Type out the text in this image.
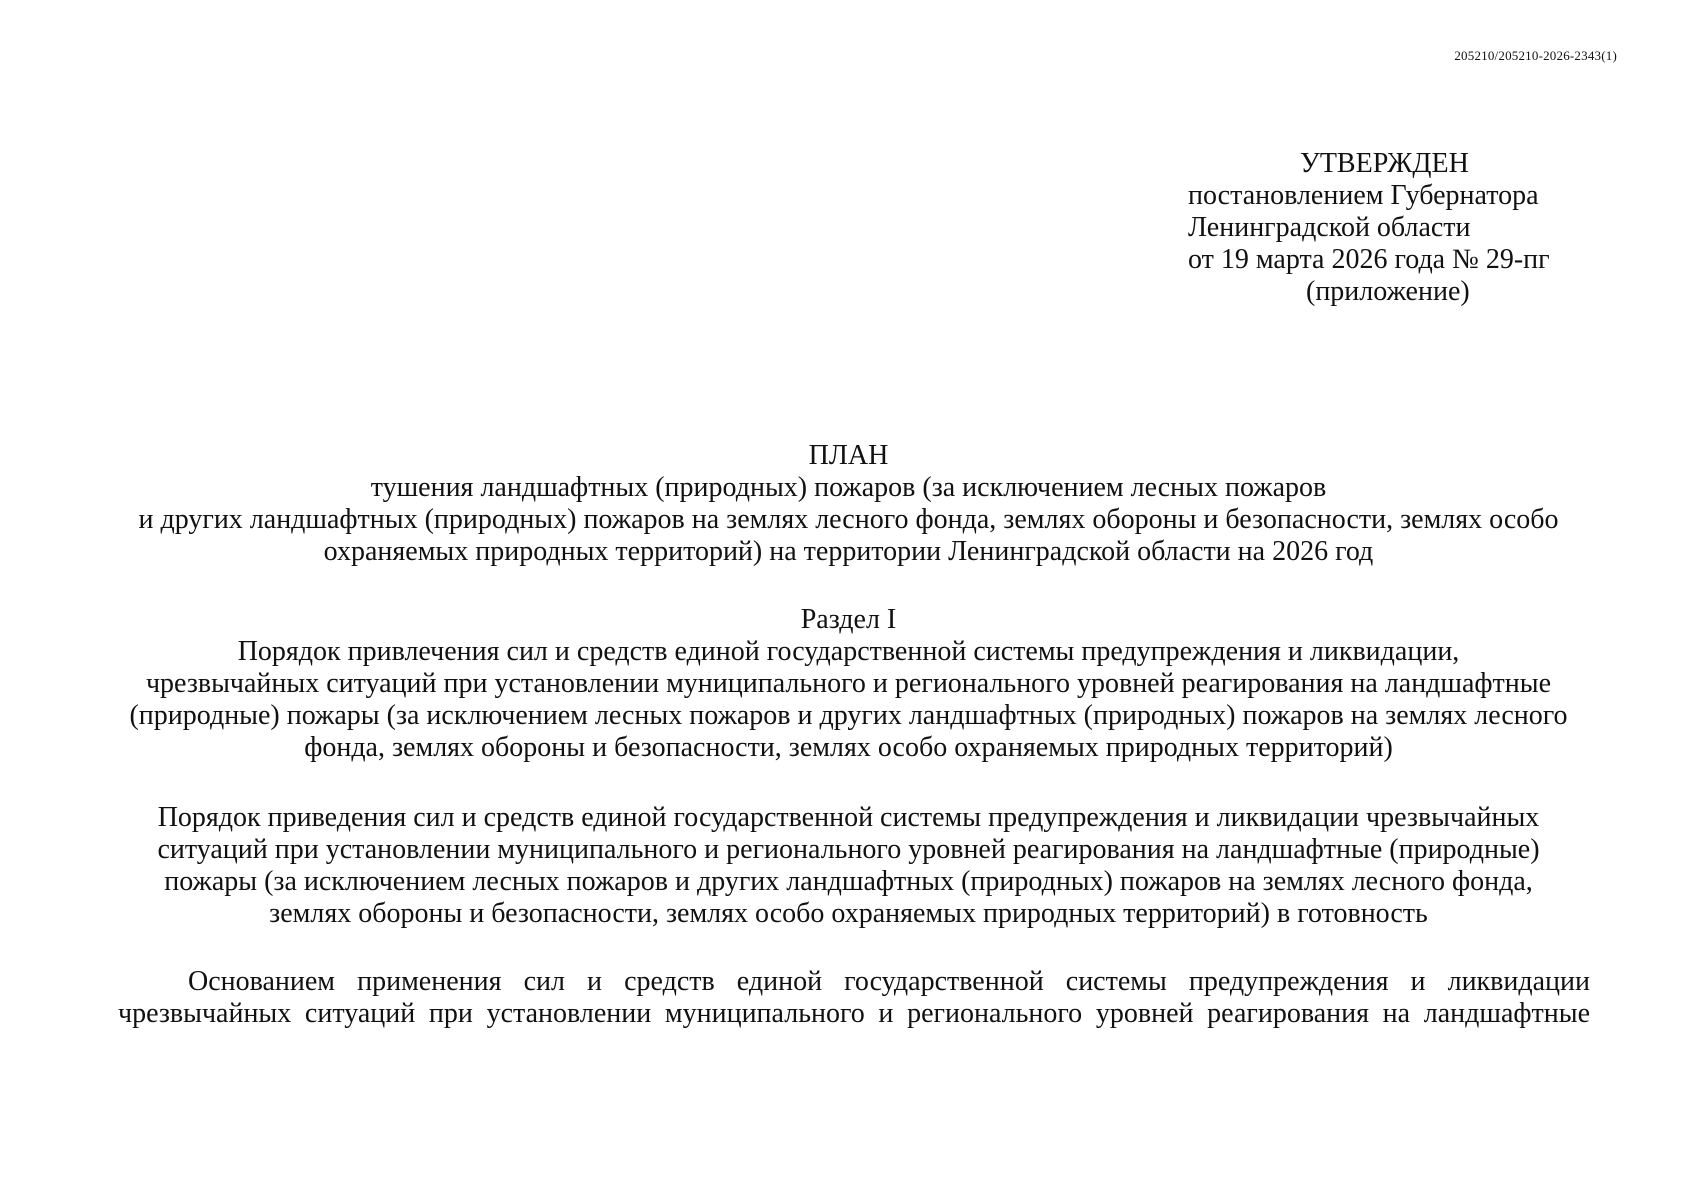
205210/205210-2026-2343(1)
УТВЕРЖДЕН
постановлением Губернатора
Ленинградской области
от 19 марта 2026 года № 29-пг
(приложение)
ПЛАН
тушения ландшафтных (природных) пожаров (за исключением лесных пожаров
и других ландшафтных (природных) пожаров на землях лесного фонда, землях обороны и безопасности, землях особо
охраняемых природных территорий) на территории Ленинградской области на 2026 год
Раздел I
Порядок привлечения сил и средств единой государственной системы предупреждения и ликвидации,
чрезвычайных ситуаций при установлении муниципального и регионального уровней реагирования на ландшафтные
(природные) пожары (за исключением лесных пожаров и других ландшафтных (природных) пожаров на землях лесного
фонда, землях обороны и безопасности, землях особо охраняемых природных территорий)
Порядок приведения сил и средств единой государственной системы предупреждения и ликвидации чрезвычайных
ситуаций при установлении муниципального и регионального уровней реагирования на ландшафтные (природные)
пожары (за исключением лесных пожаров и других ландшафтных (природных) пожаров на землях лесного фонда,
землях обороны и безопасности, землях особо охраняемых природных территорий) в готовность
Основанием применения сил и средств единой государственной системы предупреждения и ликвидации
чрезвычайных ситуаций при установлении муниципального и регионального уровней реагирования на ландшафтные
